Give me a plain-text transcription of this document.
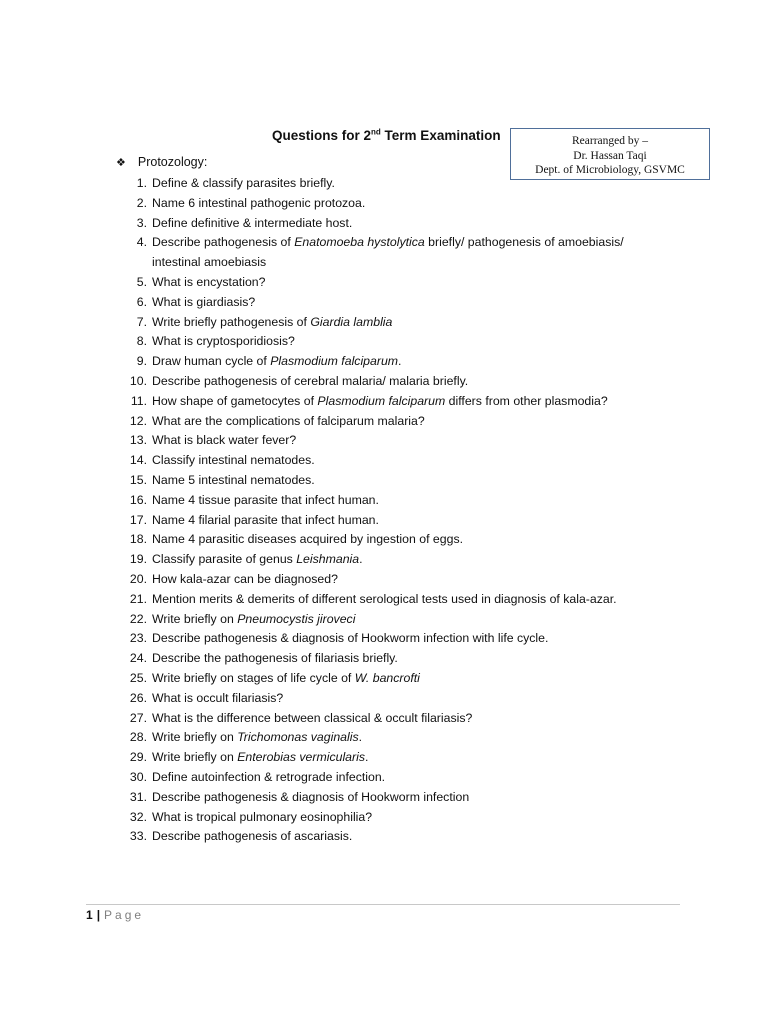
Questions for 2nd Term Examination	Rearranged by –
Dr. Hassan Taqi
Dept. of Microbiology, GSVMC
❖ Protozology:
1. Define & classify parasites briefly.
2. Name 6 intestinal pathogenic protozoa.
3. Define definitive & intermediate host.
4. Describe pathogenesis of Enatomoeba hystolytica briefly/ pathogenesis of amoebiasis/
intestinal amoebiasis
5. What is encystation?
6. What is giardiasis?
7. Write briefly pathogenesis of Giardia lamblia
8. What is cryptosporidiosis?
9. Draw human cycle of Plasmodium falciparum.
10. Describe pathogenesis of cerebral malaria/ malaria briefly.
11. How shape of gametocytes of Plasmodium falciparum differs from other plasmodia?
12. What are the complications of falciparum malaria?
13. What is black water fever?
14. Classify intestinal nematodes.
15. Name 5 intestinal nematodes.
16. Name 4 tissue parasite that infect human.
17. Name 4 filarial parasite that infect human.
18. Name 4 parasitic diseases acquired by ingestion of eggs.
19. Classify parasite of genus Leishmania.
20. How kala-azar can be diagnosed?
21. Mention merits & demerits of different serological tests used in diagnosis of kala-azar.
22. Write briefly on Pneumocystis jiroveci
23. Describe pathogenesis & diagnosis of Hookworm infection with life cycle.
24. Describe the pathogenesis of filariasis briefly.
25. Write briefly on stages of life cycle of W. bancrofti
26. What is occult filariasis?
27. What is the difference between classical & occult filariasis?
28. Write briefly on Trichomonas vaginalis.
29. Write briefly on Enterobias vermicularis.
30. Define autoinfection & retrograde infection.
31. Describe pathogenesis & diagnosis of Hookworm infection
32. What is tropical pulmonary eosinophilia?
33. Describe pathogenesis of ascariasis.
1 | Page
